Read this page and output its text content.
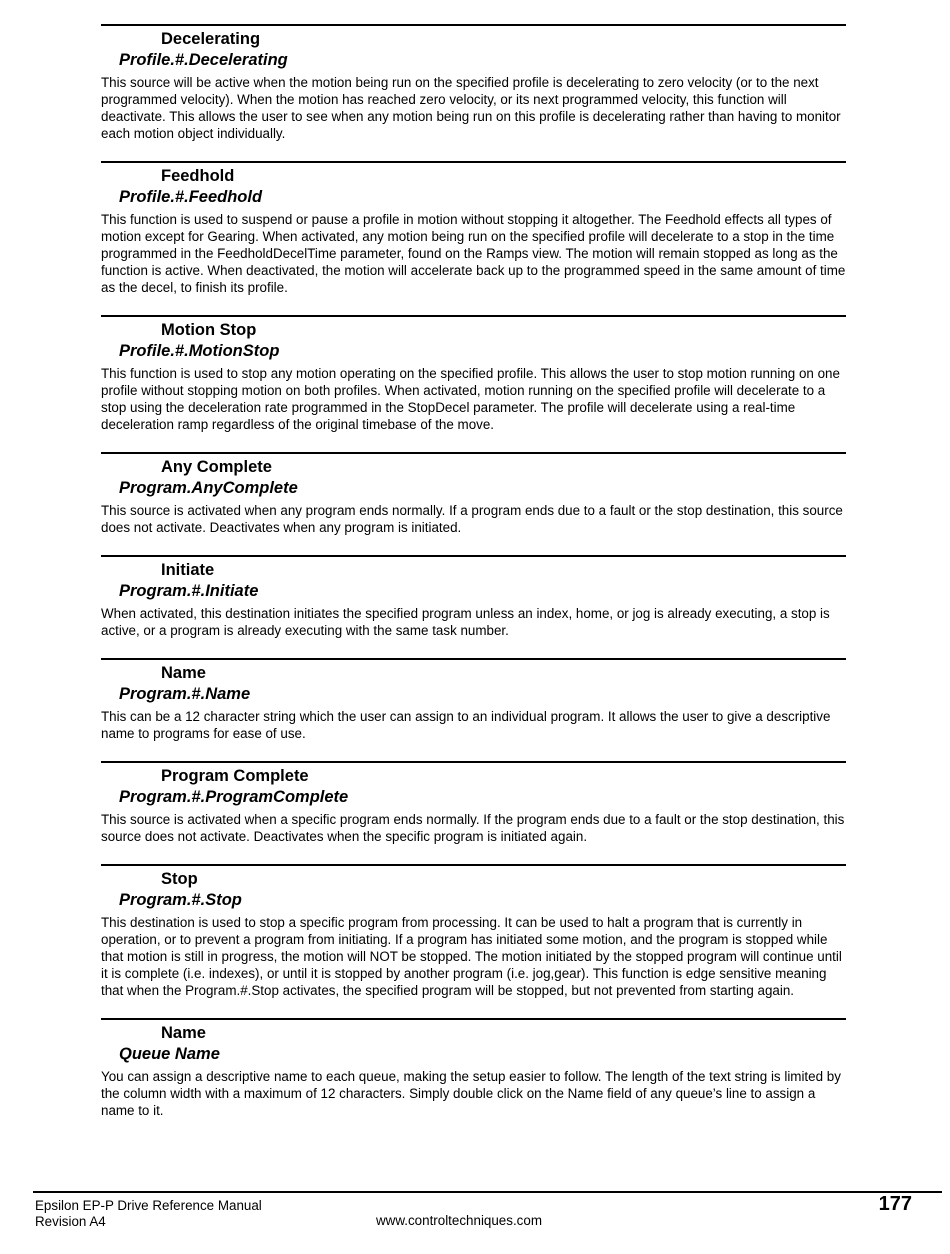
Decelerating
Profile.#.Decelerating

This source will be active when the motion being run on the specified profile is decelerating to zero velocity (or to the next programmed velocity). When the motion has reached zero velocity, or its next programmed velocity, this function will deactivate. This allows the user to see when any motion being run on this profile is decelerating rather than having to monitor each motion object individually.

Feedhold
Profile.#.Feedhold

This function is used to suspend or pause a profile in motion without stopping it altogether. The Feedhold effects all types of motion except for Gearing. When activated, any motion being run on the specified profile will decelerate to a stop in the time programmed in the FeedholdDecelTime parameter, found on the Ramps view. The motion will remain stopped as long as the function is active. When deactivated, the motion will accelerate back up to the programmed speed in the same amount of time as the decel, to finish its profile.

Motion Stop
Profile.#.MotionStop

This function is used to stop any motion operating on the specified profile. This allows the user to stop motion running on one profile without stopping motion on both profiles. When activated, motion running on the specified profile will decelerate to a stop using the deceleration rate programmed in the StopDecel parameter. The profile will decelerate using a real-time deceleration ramp regardless of the original timebase of the move.

Any Complete
Program.AnyComplete

This source is activated when any program ends normally. If a program ends due to a fault or the stop destination, this source does not activate. Deactivates when any program is initiated.

Initiate
Program.#.Initiate

When activated, this destination initiates the specified program unless an index, home, or jog is already executing, a stop is active, or a program is already executing with the same task number.

Name
Program.#.Name

This can be a 12 character string which the user can assign to an individual program. It allows the user to give a descriptive name to programs for ease of use.

Program Complete
Program.#.ProgramComplete

This source is activated when a specific program ends normally. If the program ends due to a fault or the stop destination, this source does not activate. Deactivates when the specific program is initiated again.

Stop
Program.#.Stop

This destination is used to stop a specific program from processing. It can be used to halt a program that is currently in operation, or to prevent a program from initiating. If a program has initiated some motion, and the program is stopped while that motion is still in progress, the motion will NOT be stopped. The motion initiated by the stopped program will continue until it is complete (i.e. indexes), or until it is stopped by another program (i.e. jog,gear). This function is edge sensitive meaning that when the Program.#.Stop activates, the specified program will be stopped, but not prevented from starting again.

Name
Queue Name

You can assign a descriptive name to each queue, making the setup easier to follow. The length of the text string is limited by the column width with a maximum of 12 characters. Simply double click on the Name field of any queue’s line to assign a name to it.

Epsilon EP-P Drive Reference Manual
Revision A4	www.controltechniques.com
177
